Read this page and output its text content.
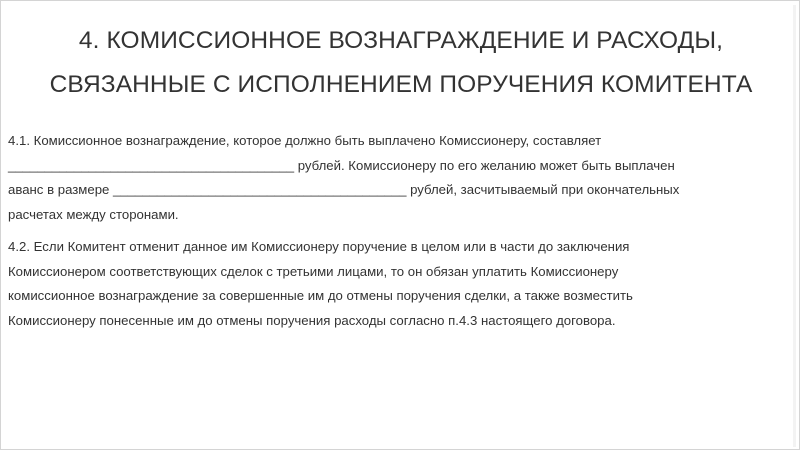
4. КОМИССИОННОЕ ВОЗНАГРАЖДЕНИЕ И РАСХОДЫ,
СВЯЗАННЫЕ С ИСПОЛНЕНИЕМ ПОРУЧЕНИЯ КОМИТЕНТА

4.1. Комиссионное вознаграждение, которое должно быть выплачено Комиссионеру, составляет
_______________________________________ рублей. Комиссионеру по его желанию может быть выплачен
аванс в размере ________________________________________ рублей, засчитываемый при окончательных
расчетах между сторонами.

4.2. Если Комитент отменит данное им Комиссионеру поручение в целом или в части до заключения
Комиссионером соответствующих сделок с третьими лицами, то он обязан уплатить Комиссионеру
комиссионное вознаграждение за совершенные им до отмены поручения сделки, а также возместить
Комиссионеру понесенные им до отмены поручения расходы согласно п.4.3 настоящего договора.
